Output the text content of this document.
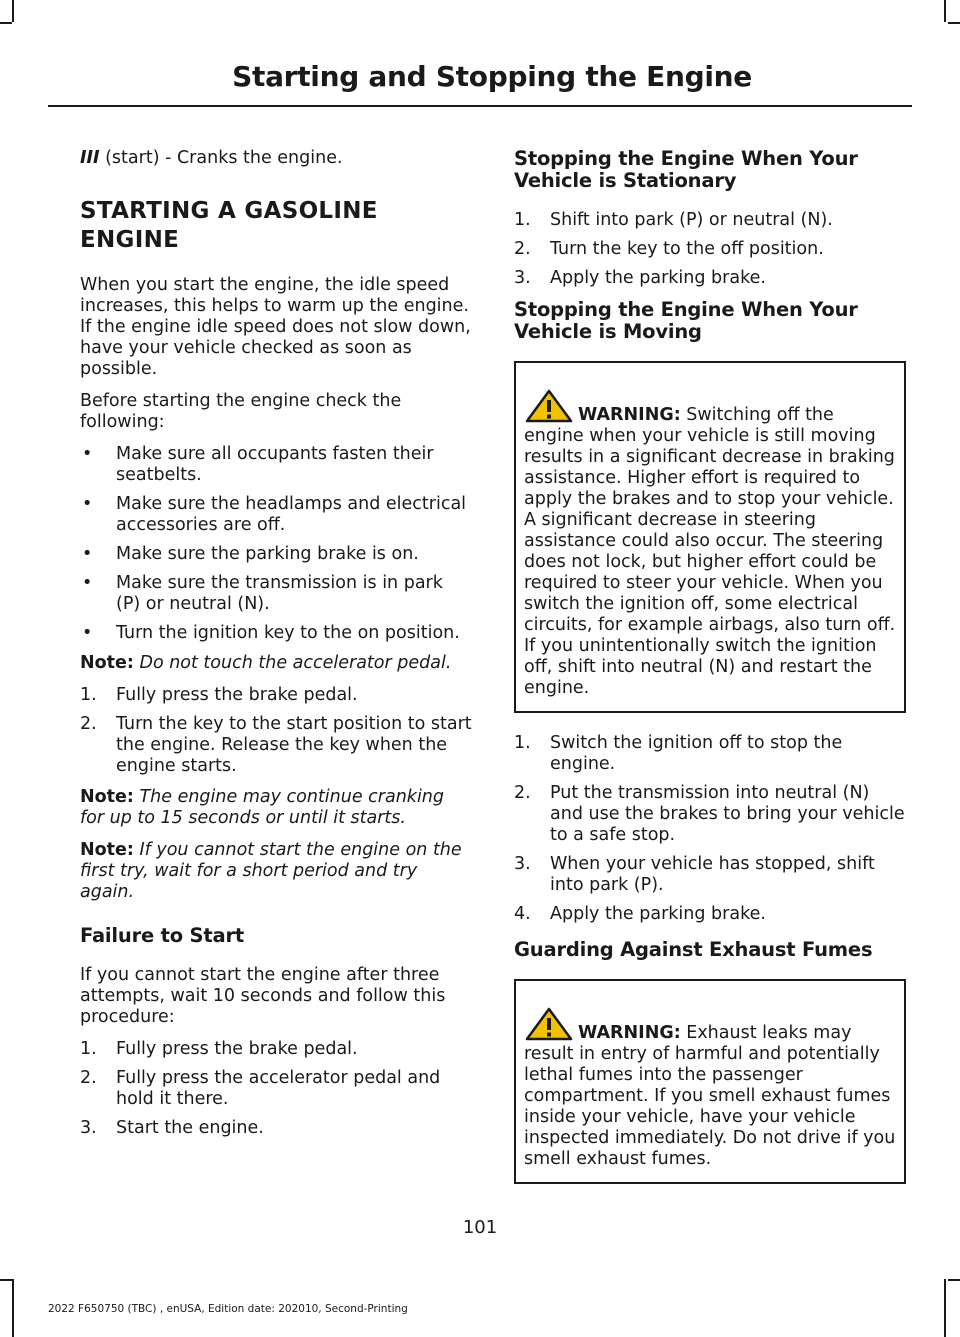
Starting and Stopping the Engine

III (start) - Cranks the engine.

STARTING A GASOLINE
ENGINE

When you start the engine, the idle speed increases, this helps to warm up the engine. If the engine idle speed does not slow down, have your vehicle checked as soon as possible.

Before starting the engine check the following:

• Make sure all occupants fasten their seatbelts.
• Make sure the headlamps and electrical accessories are off.
• Make sure the parking brake is on.
• Make sure the transmission is in park (P) or neutral (N).
• Turn the ignition key to the on position.

Note: Do not touch the accelerator pedal.

1. Fully press the brake pedal.
2. Turn the key to the start position to start the engine. Release the key when the engine starts.

Note: The engine may continue cranking for up to 15 seconds or until it starts.

Note: If you cannot start the engine on the first try, wait for a short period and try again.

Failure to Start

If you cannot start the engine after three attempts, wait 10 seconds and follow this procedure:

1. Fully press the brake pedal.
2. Fully press the accelerator pedal and hold it there.
3. Start the engine.
Stopping the Engine When Your Vehicle is Stationary
1. Shift into park (P) or neutral (N).
2. Turn the key to the off position.
3. Apply the parking brake.
Stopping the Engine When Your Vehicle is Moving

WARNING: Switching off the engine when your vehicle is still moving results in a significant decrease in braking assistance. Higher effort is required to apply the brakes and to stop your vehicle. A significant decrease in steering assistance could also occur. The steering does not lock, but higher effort could be required to steer your vehicle. When you switch the ignition off, some electrical circuits, for example airbags, also turn off. If you unintentionally switch the ignition off, shift into neutral (N) and restart the engine.

1. Switch the ignition off to stop the engine.
2. Put the transmission into neutral (N) and use the brakes to bring your vehicle to a safe stop.
3. When your vehicle has stopped, shift into park (P).
4. Apply the parking brake.
Guarding Against Exhaust Fumes

WARNING: Exhaust leaks may result in entry of harmful and potentially lethal fumes into the passenger compartment. If you smell exhaust fumes inside your vehicle, have your vehicle inspected immediately. Do not drive if you smell exhaust fumes.

101
2022 F650750 (TBC) , enUSA, Edition date: 202010, Second-Printing
